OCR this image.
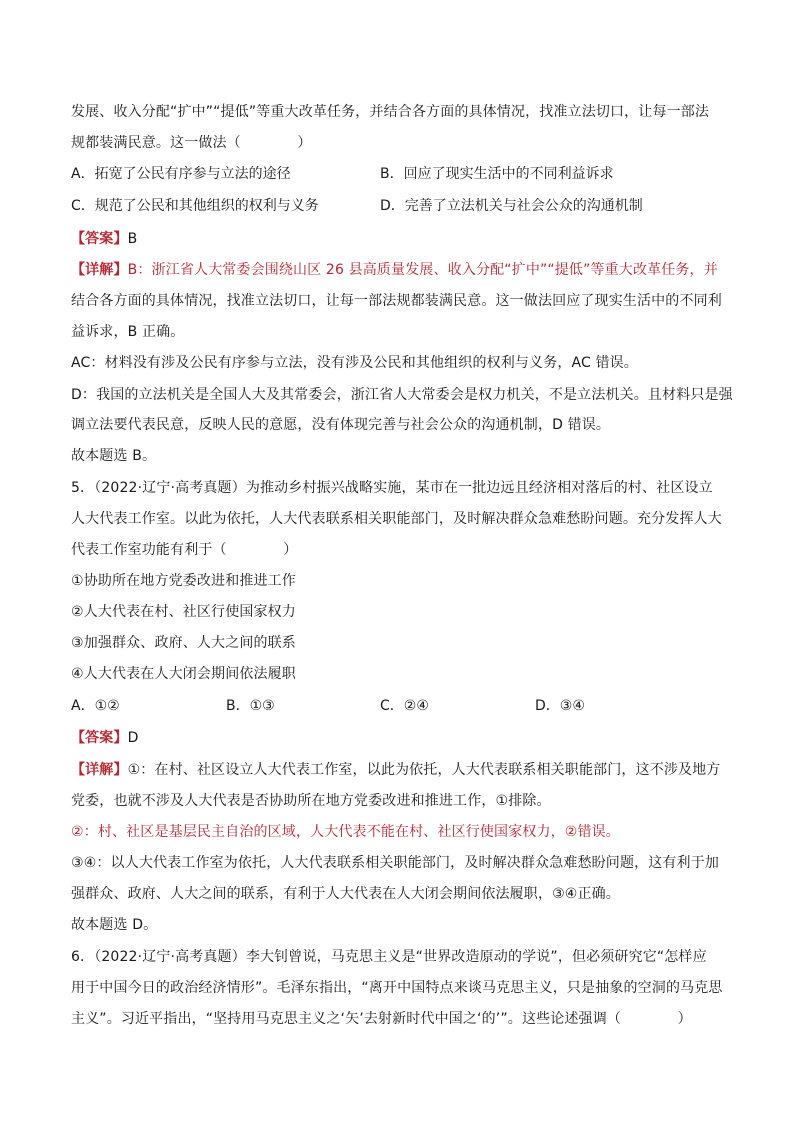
发展、收入分配“扩中”“提低”等重大改革任务，并结合各方面的具体情况，找准立法切口，让每一部法
规都装满民意。这一做法（　　　　）
A．拓宽了公民有序参与立法的途径	B．回应了现实生活中的不同利益诉求
C．规范了公民和其他组织的权利与义务	D．完善了立法机关与社会公众的沟通机制
【答案】B
【详解】B：浙江省人大常委会围绕山区 26 县高质量发展、收入分配“扩中”“提低”等重大改革任务，并
结合各方面的具体情况，找准立法切口，让每一部法规都装满民意。这一做法回应了现实生活中的不同利
益诉求，B 正确。
AC：材料没有涉及公民有序参与立法，没有涉及公民和其他组织的权利与义务，AC 错误。
D：我国的立法机关是全国人大及其常委会，浙江省人大常委会是权力机关，不是立法机关。且材料只是强
调立法要代表民意，反映人民的意愿，没有体现完善与社会公众的沟通机制，D 错误。
故本题选 B。
5．（2022·辽宁·高考真题）为推动乡村振兴战略实施，某市在一批边远且经济相对落后的村、社区设立
人大代表工作室。以此为依托，人大代表联系相关职能部门，及时解决群众急难愁盼问题。充分发挥人大
代表工作室功能有利于（　　　　）
①协助所在地方党委改进和推进工作
②人大代表在村、社区行使国家权力
③加强群众、政府、人大之间的联系
④人大代表在人大闭会期间依法履职
A．①②	B．①③	C．②④	D．③④
【答案】D
【详解】①：在村、社区设立人大代表工作室，以此为依托，人大代表联系相关职能部门，这不涉及地方
党委，也就不涉及人大代表是否协助所在地方党委改进和推进工作，①排除。
②：村、社区是基层民主自治的区域，人大代表不能在村、社区行使国家权力，②错误。
③④：以人大代表工作室为依托，人大代表联系相关职能部门，及时解决群众急难愁盼问题，这有利于加
强群众、政府、人大之间的联系，有利于人大代表在人大闭会期间依法履职，③④正确。
故本题选 D。
6．（2022·辽宁·高考真题）李大钊曾说，马克思主义是“世界改造原动的学说”，但必须研究它“怎样应
用于中国今日的政治经济情形”。毛泽东指出，“离开中国特点来谈马克思主义，只是抽象的空洞的马克思
主义”。习近平指出，“坚持用马克思主义之‘矢’去射新时代中国之‘的’”。这些论述强调（　　　　）
